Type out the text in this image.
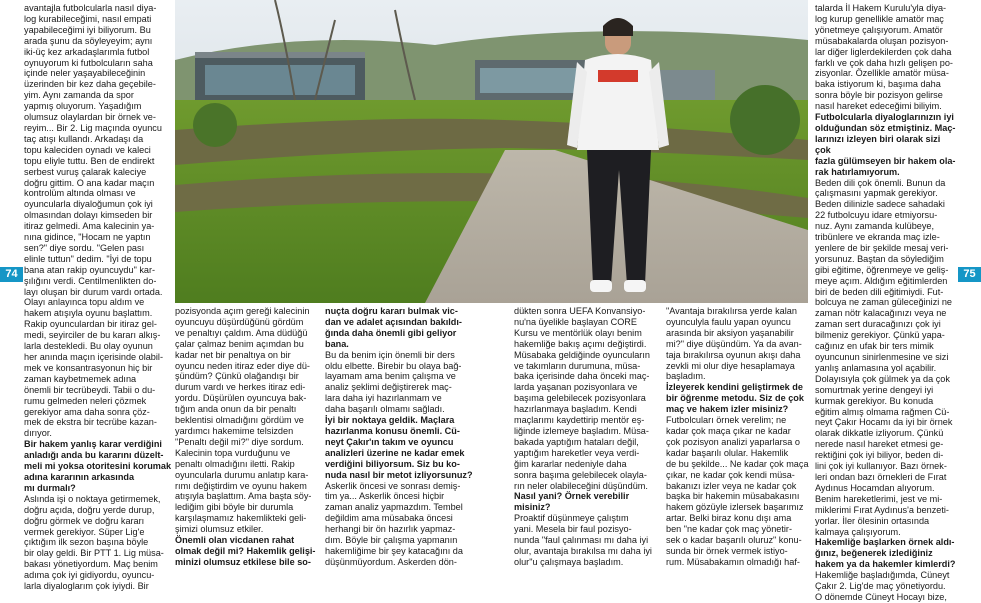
74	75

avantajla futbolcularla nasıl diya-

log kurabileceğimi, nasıl empati

yapabileceğimi iyi biliyorum. Bu

arada şunu da söyleyeyim; aynı

iki-üç kez arkadaşlarımla futbol

oynuyorum ki futbolcuların saha

içinde neler yaşayabileceğinin

üzerinden bir kez daha geçebile-

yim. Aynı zamanda da spor

yapmış oluyorum. Yaşadığım

olumsuz olaylardan bir örnek ve-

reyim... Bir 2. Lig maçında oyuncu

taç atışı kullandı. Arkadaşı da

topu kaleciden oynadı ve kaleci

topu eliyle tuttu. Ben de endirekt

serbest vuruş çalarak kaleciye

doğru gittim. O ana kadar maçın

kontrolüm altında olması ve

oyuncularla diyaloğumun çok iyi

olmasından dolayı kimseden bir

itiraz gelmedi. Ama kalecinin ya-

nına gidince, "Hocam ne yaptın

sen?" diye sordu. "Gelen pası

elinle tuttun" dedim. "İyi de topu

bana atan rakip oyuncuydu" kar-

şılığını verdi. Centilmenlikten do-

layı oluşan bir durum vardı ortada.

Olayı anlayınca topu aldım ve

hakem atışıyla oyunu başlattım.

Rakip oyunculardan bir itiraz gel-

medi, seyirciler de bu kararı alkış-

larla destekledi. Bu olay oyunun

her anında maçın içerisinde olabil-

mek ve konsantrasyonun hiç bir

zaman kaybetmemek adına

önemli bir tecrübeydi. Tabii o du-

rumu gelmeden neleri çözmek

gerekiyor ama daha sonra çöz-

mek de ekstra bir tecrübe kazan-

dırıyor.

Bir hakem yanlış karar verdiğini

anladığı anda bu kararını düzelt-

meli mi yoksa otoritesini korumak

adına kararının arkasında

mı durmalı?

Aslında işi o noktaya getirmemek,

doğru açıda, doğru yerde durup,

doğru görmek ve doğru kararı

vermek gerekiyor. Süper Lig'e

çıktığım ilk sezon başına böyle

bir olay geldi. Bir PTT 1. Lig müsa-

bakası yönetiyordum. Maç benim

adıma çok iyi gidiyordu, oyuncu-

larla diyaloglarım çok iyiydi. Bir

pozisyonda açım gereği kalecinin

oyuncuyu düşürdüğünü gördüm

ve penaltıyı çaldım. Ama düdüğü

çalar çalmaz benim açımdan bu

kadar net bir penaltıya on bir

oyuncu neden itiraz eder diye dü-

şündüm? Çünkü olağandışı bir

durum vardı ve herkes itiraz edi-

yordu. Düşürülen oyuncuya bak-

tığım anda onun da bir penaltı

beklentisi olmadığını gördüm ve

yardımcı hakemime telsizden

"Penaltı değil mi?" diye sordum.

Kalecinin topa vurduğunu ve

penaltı olmadığını iletti. Rakip

oyuncularla durumu anlatıp kara-

rımı değiştirdim ve oyunu hakem

atışıyla başlattım. Ama başta söy-

lediğim gibi böyle bir durumla

karşılaşmamız hakemlikteki geli-

şimizi olumsuz etkiler.

Önemli olan vicdanen rahat

olmak değil mi? Hakemlik gelişi-

minizi olumsuz etkilese bile so-

nuçta doğru kararı bulmak vic-

dan ve adalet açısından bakıldı-

ğında daha önemli gibi geliyor

bana.

Bu da benim için önemli bir ders

oldu elbette. Birebir bu olaya bağ-

layamam ama benim çalışma ve

analiz şeklimi değiştirerek maç-

lara daha iyi hazırlanmam ve

daha başarılı olmamı sağladı.

İyi bir noktaya geldik. Maçlara

hazırlanma konusu önemli. Cü-

neyt Çakır'ın takım ve oyuncu

analizleri üzerine ne kadar emek

verdiğini biliyorsum. Siz bu ko-

nuda nasıl bir metot izliyorsunuz?

Askerlik öncesi ve sonrası demiş-

tim ya... Askerlik öncesi hiçbir

zaman analiz yapmazdım. Tembel

değildim ama müsabaka öncesi

herhangi bir ön hazırlık yapmaz-

dım. Böyle bir çalışma yapmanın

hakemliğime bir şey katacağını da

düşünmüyordum. Askerden dön-

dükten sonra UEFA Konvansiyo-

nu'na üyelikle başlayan CORE

Kursu ve mentörlük olayı benim

hakemliğe bakış açımı değiştirdi.

Müsabaka geldiğinde oyuncuların

ve takımların durumuna, müsa-

baka içerisinde daha önceki maç-

larda yaşanan pozisyonlara ve

başıma gelebilecek pozisyonlara

hazırlanmaya başladım. Kendi

maçlarımı kaydettirip mentör eş-

liğinde izlemeye başladım. Müsa-

bakada yaptığım hataları değil,

yaptığım hareketler veya verdi-

ğim kararlar nedeniyle daha

sonra başıma gelebilecek olayla-

rın neler olabileceğini düşündüm.

Nasıl yani? Örnek verebilir

misiniz?

Proaktif düşünmeye çalıştım

yani. Mesela bir faul pozisyo-

nunda "faul çalınması mı daha iyi

olur, avantaja bırakılsa mı daha iyi

olur"u çalışmaya başladım.

"Avantaja bırakılırsa yerde kalan

oyunculyla faulu yapan oyuncu

arasında bir aksiyon yaşanabilir

mi?" diye düşündüm. Ya da avan-

taja bırakılırsa oyunun akışı daha

zevkli mi olur diye hesaplamaya

başladım.

İzleyerek kendini geliştirmek de

bir öğrenme metodu. Siz de çok

maç ve hakem izler misiniz?

Futbolcuları örnek verelim; ne

kadar çok maça çıkar ne kadar

çok pozisyon analizi yaparlarsa o

kadar başarılı olular. Hakemlik

de bu şekilde... Ne kadar çok maça

çıkar, ne kadar çok kendi müsa-

bakanızı izler veya ne kadar çok

başka bir hakemin müsabakasını

hakem gözüyle izlersek başarımız

artar. Belki biraz konu dışı ama

ben "ne kadar çok maç yönetir-

sek o kadar başarılı oluruz" konu-

sunda bir örnek vermek istiyo-

rum. Müsabakamın olmadığı haf-

talarda İl Hakem Kurulu'yla diya-

log kurup genellikle amatör maç

yönetmeye çalışıyorum. Amatör

müsabakalarda oluşan pozisyon-

lar diğer liglerdekilerden çok daha

farklı ve çok daha hızlı gelişen po-

zisyonlar. Özellikle amatör müsa-

baka istiyorum ki, başıma daha

sonra böyle bir pozisyon gelirse

nasıl hareket edeceğimi biliyim.

Futbolcularla diyaloglarınızın iyi

olduğundan söz etmiştiniz. Maç-

larınızı izleyen biri olarak sizi çok

fazla gülümseyen bir hakem ola-

rak hatırlamıyorum.

Beden dili çok önemli. Bunun da

çalışmasını yapmak gerekiyor.

Beden dilinizle sadece sahadaki

22 futbolcuyu idare etmiyorsu-

nuz. Aynı zamanda kulübeye,

tribünlere ve ekranda maç izle-

yenlere de bir şekilde mesaj veri-

yorsunuz. Baştan da söylediğim

gibi eğitime, öğrenmeye ve geliş-

meye açım. Aldığım eğitimlerden

biri de beden dili eğitimiydi. Fut-

bolcuya ne zaman güleceğinizi ne

zaman nötr kalacağınızı veya ne

zaman sert duracağınızı çok iyi

bilmeniz gerekiyor. Çünkü yapa-

cağınız en ufak bir ters mimik

oyuncunun sinirlenmesine ve sizi

yanlış anlamasına yol açabilir.

Dolayısıyla çok gülmek ya da çok

somurtmak yerine dengeyi iyi

kurmak gerekiyor. Bu konuda

eğitim almış olmama rağmen Cü-

neyt Çakır Hocamı da iyi bir örnek

olarak dikkatle izliyorum. Çünkü

nerede nasıl hareket etmesi ge-

rektiğini çok iyi biliyor, beden di-

lini çok iyi kullanıyor. Bazı örnek-

leri ondan bazı örnekleri de Fırat

Aydınus Hocamdan alıyorum.

Benim hareketlerimi, jest ve mi-

miklerimi Fırat Aydınus'a benzeti-

yorlar. İler ölesinin ortasında

kalmaya çalışıyorum.

Hakemliğe başlarken örnek aldı-

ğınız, beğenerek izlediğiniz

hakem ya da hakemler kimlerdi?

Hakemliğe başladığımda, Cüneyt

Çakır 2. Lig'de maç yönetiyordu.

O dönemde Cüneyt Hocayı bize,
